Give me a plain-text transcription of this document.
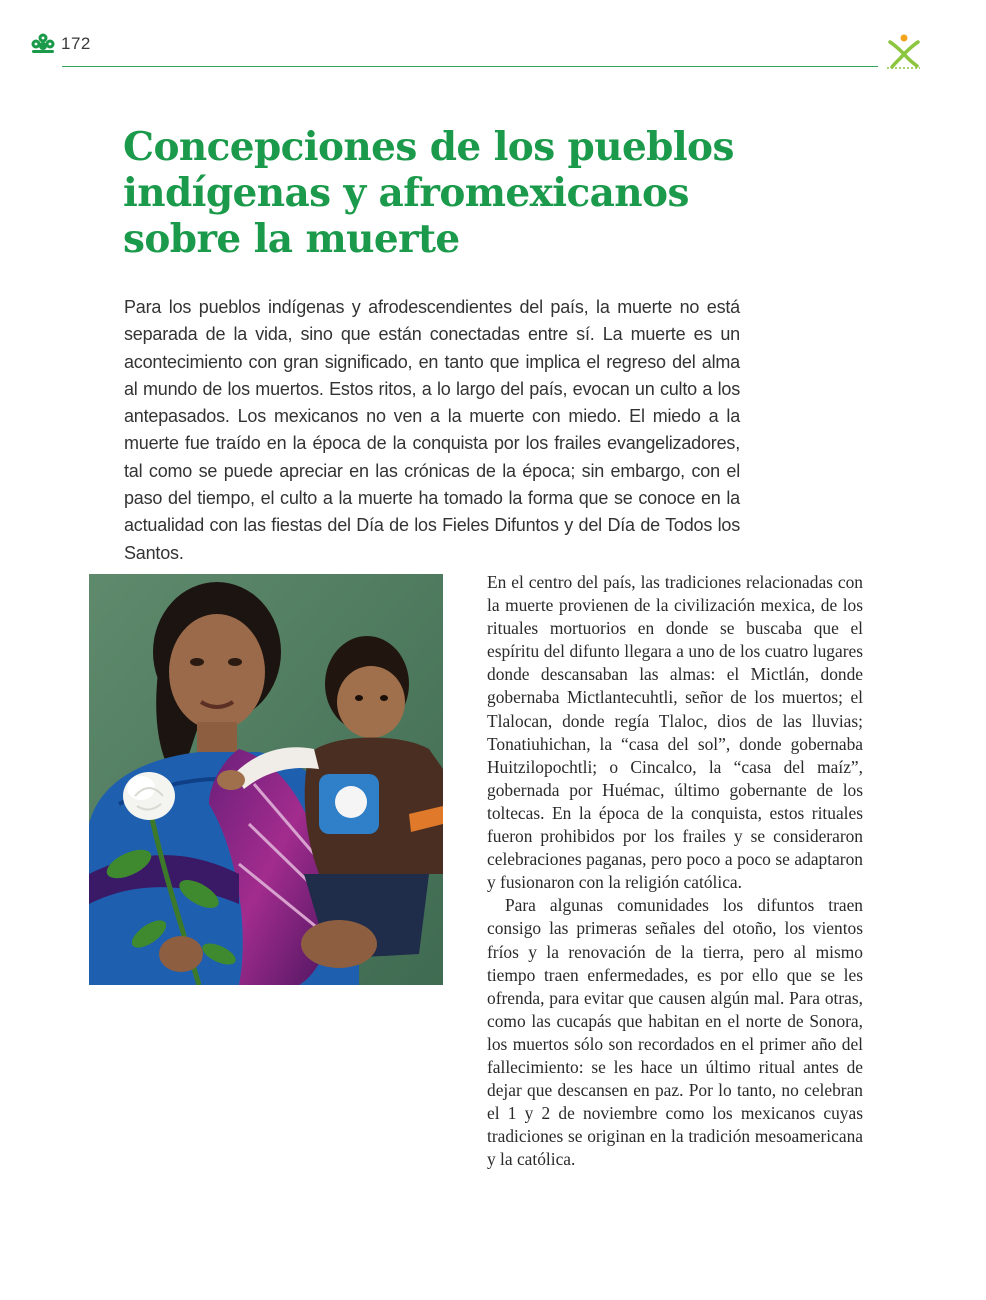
172
Concepciones de los pueblos
indígenas y afromexicanos
sobre la muerte

Para los pueblos indígenas y afrodescendientes del país, la muerte no está separada de la vida, sino que están conectadas entre sí. La muerte es un acontecimiento con gran significado, en tanto que implica el regreso del alma al mundo de los muertos. Estos ritos, a lo largo del país, evocan un culto a los antepasados. Los mexicanos no ven a la muerte con miedo. El miedo a la muerte fue traído en la época de la conquista por los frailes evangelizadores, tal como se puede apreciar en las crónicas de la época; sin embargo, con el paso del tiempo, el culto a la muerte ha tomado la forma que se conoce en la actualidad con las fiestas del Día de los Fieles Difuntos y del Día de Todos los Santos.

En el centro del país, las tradiciones relacionadas con la muerte provienen de la civilización mexica, de los rituales mortuorios en donde se buscaba que el espíritu del difunto llegara a uno de los cuatro lugares donde descansaban las almas: el Mictlán, donde gobernaba Mictlantecuhtli, señor de los muertos; el Tlalocan, donde regía Tlaloc, dios de las lluvias; Tonatiuhichan, la “casa del sol”, donde gobernaba Huitzilopochtli; o Cincalco, la “casa del maíz”, gobernada por Huémac, último gobernante de los toltecas. En la época de la conquista, estos rituales fueron prohibidos por los frailes y se consideraron celebraciones paganas, pero poco a poco se adaptaron y fusionaron con la religión católica.

Para algunas comunidades los difuntos traen consigo las primeras señales del otoño, los vientos fríos y la renovación de la tierra, pero al mismo tiempo traen enfermedades, es por ello que se les ofrenda, para evitar que causen algún mal. Para otras, como las cucapás que habitan en el norte de Sonora, los muertos sólo son recordados en el primer año del fallecimiento: se les hace un último ritual antes de dejar que descansen en paz. Por lo tanto, no celebran el 1 y 2 de noviembre como los mexicanos cuyas tradiciones se originan en la tradición mesoamericana y la católica.
